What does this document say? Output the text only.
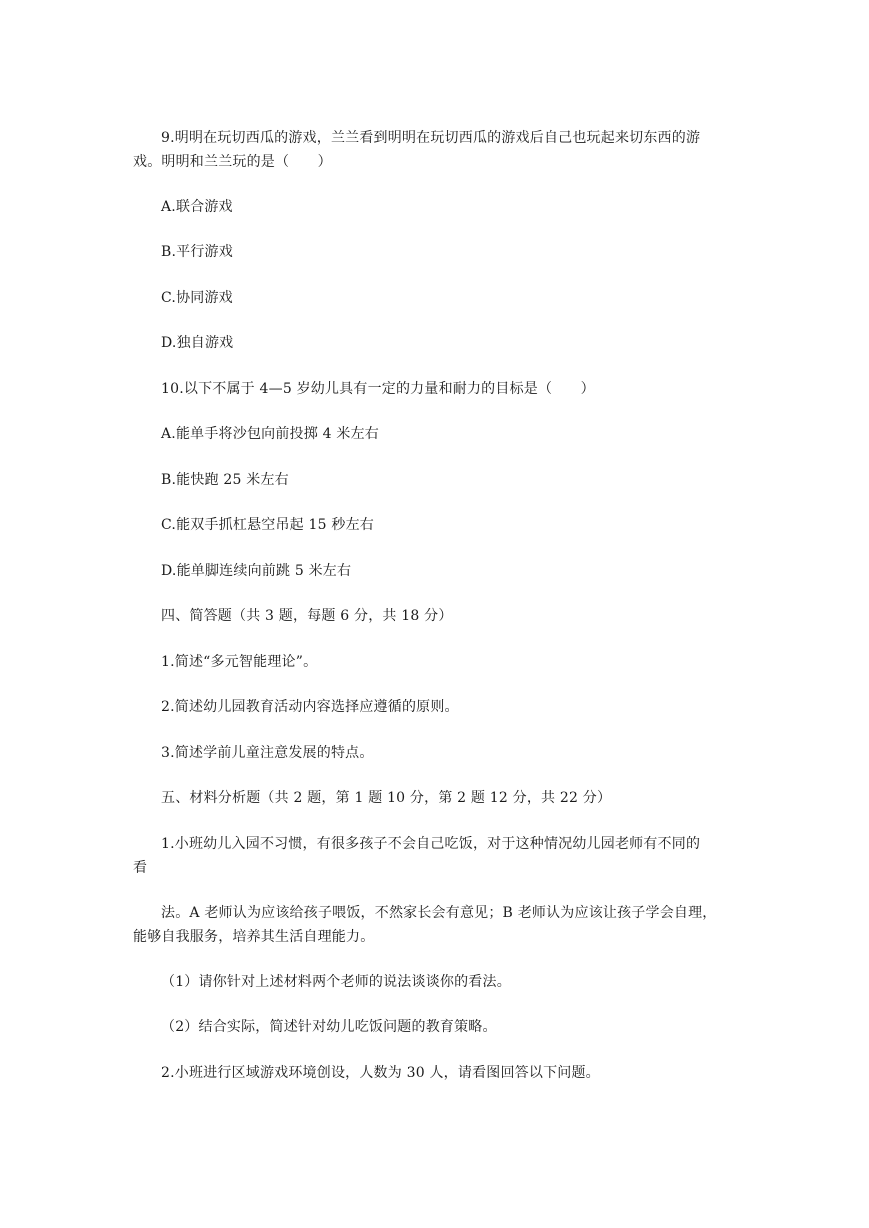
9.明明在玩切西瓜的游戏，兰兰看到明明在玩切西瓜的游戏后自己也玩起来切东西的游
戏。明明和兰兰玩的是（　　）
A.联合游戏
B.平行游戏
C.协同游戏
D.独自游戏
10.以下不属于 4—5 岁幼儿具有一定的力量和耐力的目标是（　　）
A.能单手将沙包向前投掷 4 米左右
B.能快跑 25 米左右
C.能双手抓杠悬空吊起 15 秒左右
D.能单脚连续向前跳 5 米左右
四、简答题（共 3 题，每题 6 分，共 18 分）
1.简述“多元智能理论”。
2.简述幼儿园教育活动内容选择应遵循的原则。
3.简述学前儿童注意发展的特点。
五、材料分析题（共 2 题，第 1 题 10 分，第 2 题 12 分，共 22 分）
1.小班幼儿入园不习惯，有很多孩子不会自己吃饭，对于这种情况幼儿园老师有不同的
看
法。A 老师认为应该给孩子喂饭，不然家长会有意见；B 老师认为应该让孩子学会自理，
能够自我服务，培养其生活自理能力。
（1）请你针对上述材料两个老师的说法谈谈你的看法。
（2）结合实际，简述针对幼儿吃饭问题的教育策略。
2.小班进行区域游戏环境创设，人数为 30 人，请看图回答以下问题。
